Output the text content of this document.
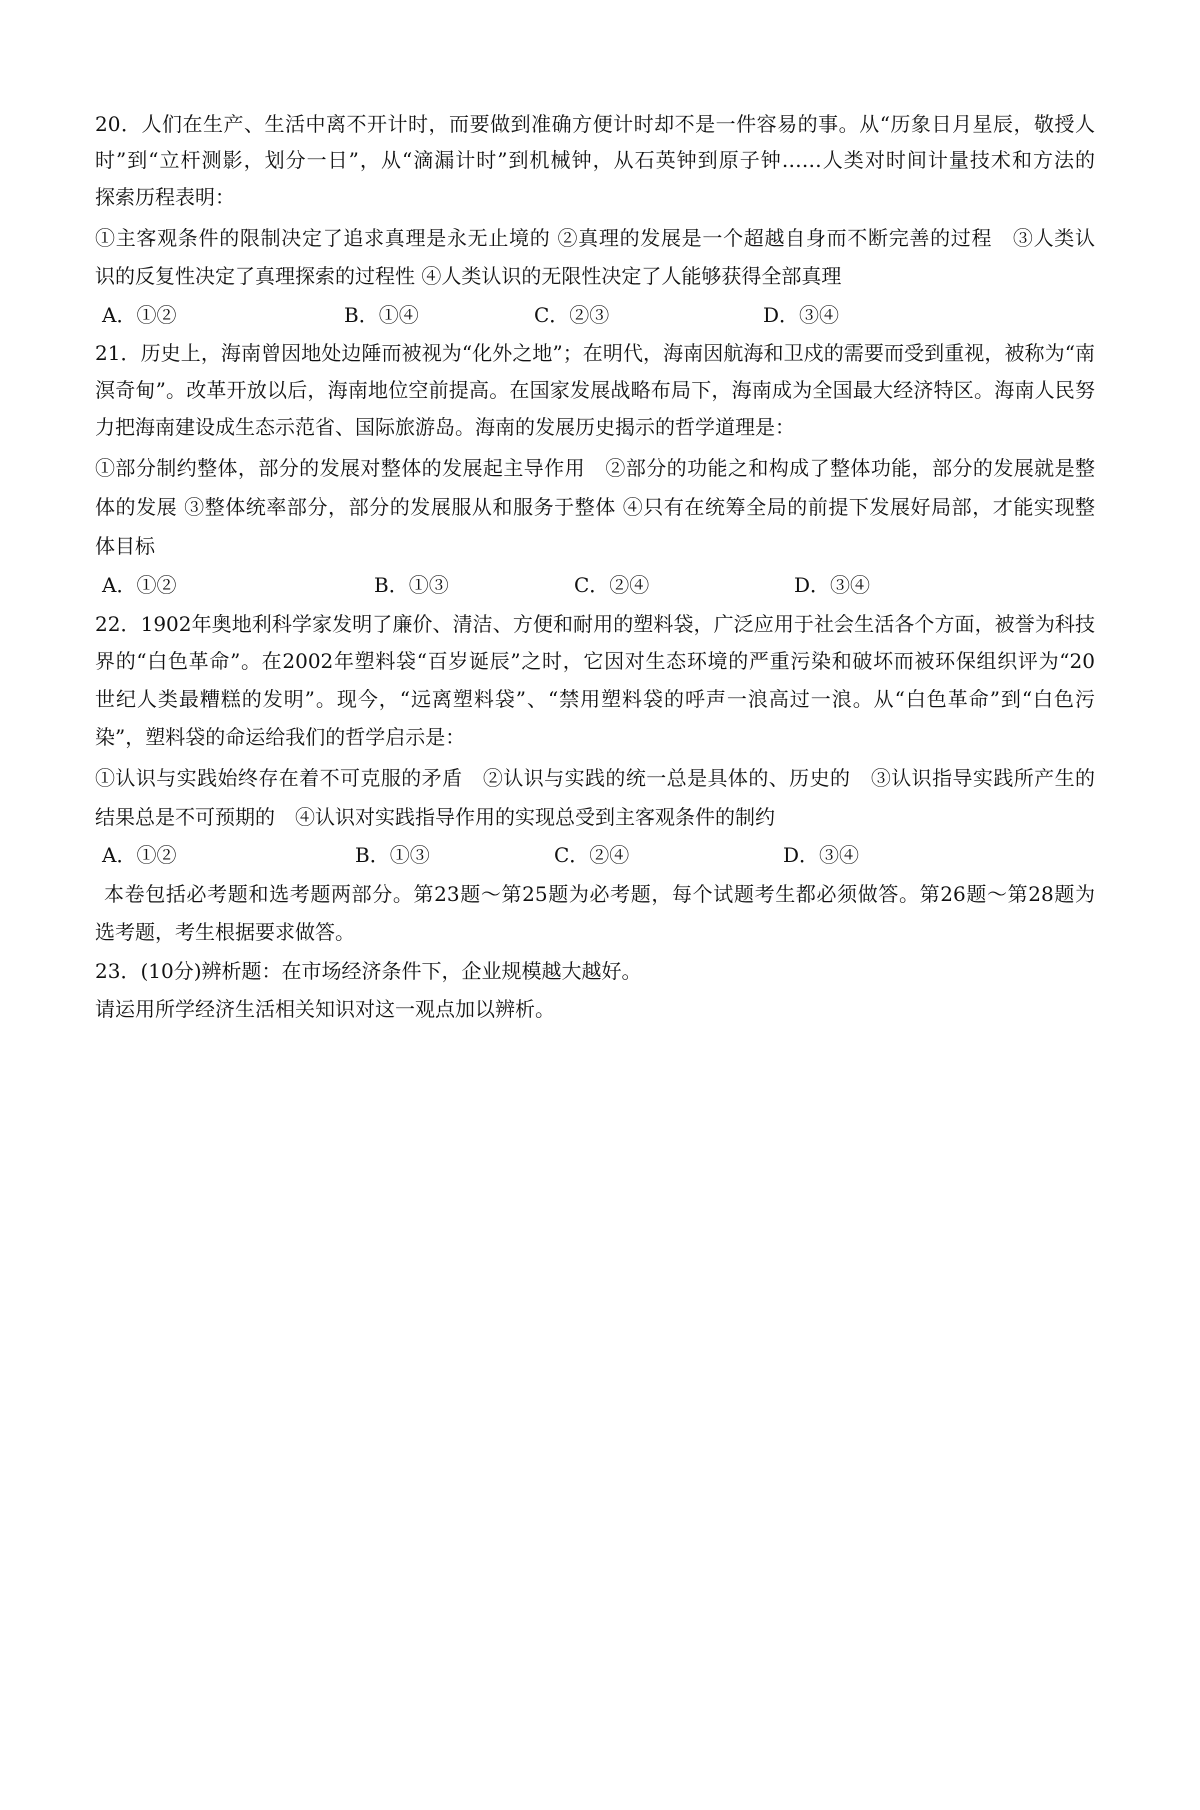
20．人们在生产、生活中离不开计时，而要做到准确方便计时却不是一件容易的事。从“历象日月星辰，敬授人
时”到“立杆测影，划分一日”，从“滴漏计时”到机械钟，从石英钟到原子钟……人类对时间计量技术和方法的
探索历程表明：
①主客观条件的限制决定了追求真理是永无止境的 ②真理的发展是一个超越自身而不断完善的过程　③人类认
识的反复性决定了真理探索的过程性 ④人类认识的无限性决定了人能够获得全部真理
A．①②	B．①④	C．②③	D．③④
21．历史上，海南曾因地处边陲而被视为“化外之地”；在明代，海南因航海和卫戍的需要而受到重视，被称为“南
溟奇甸”。改革开放以后，海南地位空前提高。在国家发展战略布局下，海南成为全国最大经济特区。海南人民努
力把海南建设成生态示范省、国际旅游岛。海南的发展历史揭示的哲学道理是：
①部分制约整体，部分的发展对整体的发展起主导作用　②部分的功能之和构成了整体功能，部分的发展就是整
体的发展 ③整体统率部分，部分的发展服从和服务于整体 ④只有在统筹全局的前提下发展好局部，才能实现整
体目标
A．①②	B．①③	C．②④	D．③④
22．1902年奥地利科学家发明了廉价、清洁、方便和耐用的塑料袋，广泛应用于社会生活各个方面，被誉为科技
界的“白色革命”。在2002年塑料袋“百岁诞辰”之时，它因对生态环境的严重污染和破坏而被环保组织评为“20
世纪人类最糟糕的发明”。现今，“远离塑料袋”、“禁用塑料袋的呼声一浪高过一浪。从“白色革命”到“白色污
染”，塑料袋的命运给我们的哲学启示是：
①认识与实践始终存在着不可克服的矛盾　②认识与实践的统一总是具体的、历史的　③认识指导实践所产生的
结果总是不可预期的　④认识对实践指导作用的实现总受到主客观条件的制约
A．①②	B．①③	C．②④	D．③④
本卷包括必考题和选考题两部分。第23题～第25题为必考题，每个试题考生都必须做答。第26题～第28题为
选考题，考生根据要求做答。
23．(10分)辨析题：在市场经济条件下，企业规模越大越好。
请运用所学经济生活相关知识对这一观点加以辨析。
